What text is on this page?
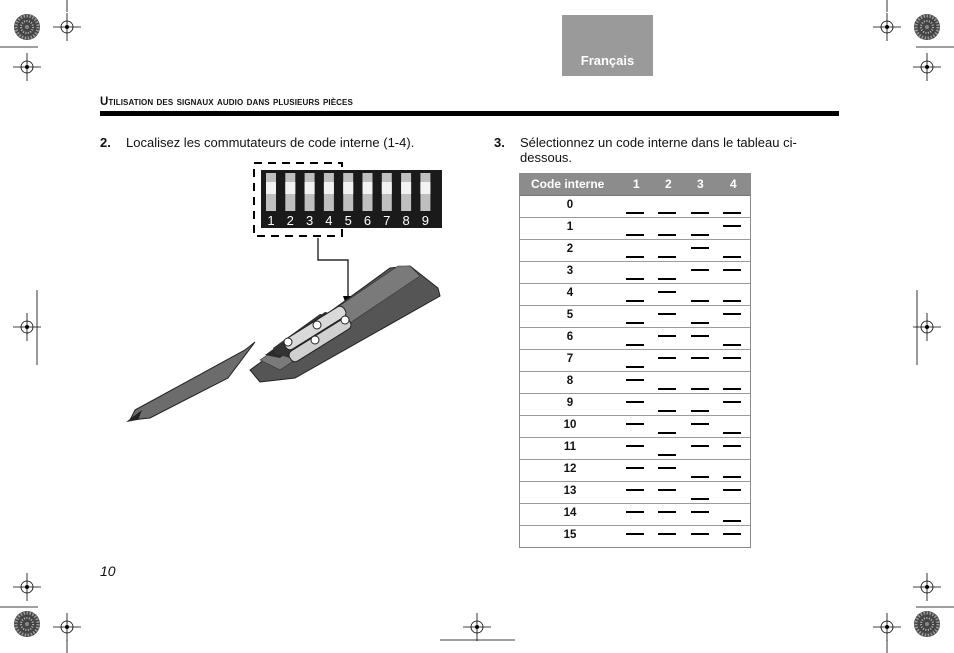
Français
Utilisation des signaux audio dans plusieurs pièces
2. Localisez les commutateurs de code interne (1-4).	3. Sélectionnez un code interne dans le tableau ci-dessous.
1 2 3 4 5 6 7 8 9
Code interne 1 2 3 4
0
1
2
3
4
5
6
7
8
9
10
11
12
13
14
15
10
